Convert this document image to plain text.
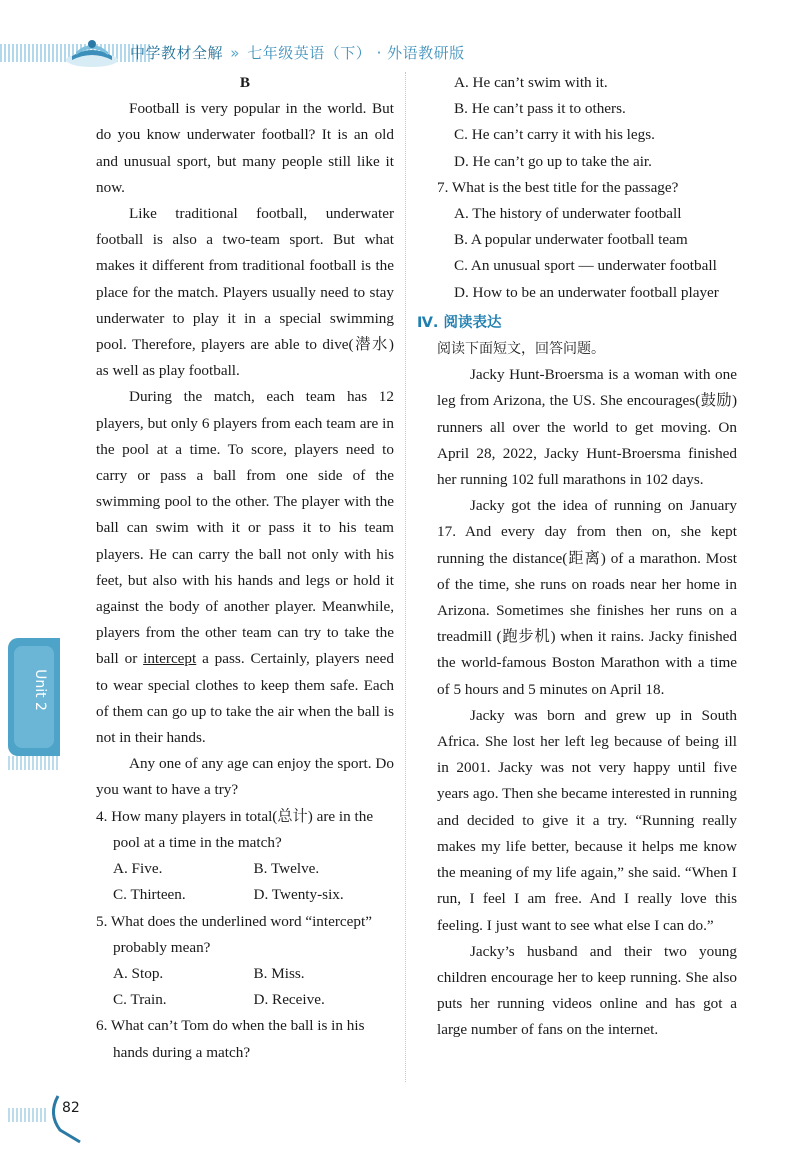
中学教材全解 » 七年级英语（下） · 外语教研版

B

Football is very popular in the world. But do you know underwater football? It is an old and unusual sport, but many people still like it now.

Like traditional football, underwater football is also a two-team sport. But what makes it different from traditional football is the place for the match. Players usually need to stay underwater to play it in a special swimming pool. Therefore, players are able to dive(潜水) as well as play football.

During the match, each team has 12 players, but only 6 players from each team are in the pool at a time. To score, players need to carry or pass a ball from one side of the swimming pool to the other. The player with the ball can swim with it or pass it to his team players. He can carry the ball not only with his feet, but also with his hands and legs or hold it against the body of another player. Meanwhile, players from the other team can try to take the ball or intercept a pass. Certainly, players need to wear special clothes to keep them safe. Each of them can go up to take the air when the ball is not in their hands.

Any one of any age can enjoy the sport. Do you want to have a try?

4. How many players in total(总计) are in the pool at a time in the match?

A. Five.	B. Twelve.
C. Thirteen.	D. Twenty-six.

5. What does the underlined word “intercept” probably mean?

A. Stop.	B. Miss.
C. Train.	D. Receive.

6. What can’t Tom do when the ball is in his hands during a match?

A. He can’t swim with it.

B. He can’t pass it to others.

C. He can’t carry it with his legs.

D. He can’t go up to take the air.

7. What is the best title for the passage?

A. The history of underwater football

B. A popular underwater football team

C. An unusual sport — underwater football

D. How to be an underwater football player

Ⅳ. 阅读表达

阅读下面短文，回答问题。

Jacky Hunt-Broersma is a woman with one leg from Arizona, the US. She encourages(鼓励) runners all over the world to get moving. On April 28, 2022, Jacky Hunt-Broersma finished her running 102 full marathons in 102 days.

Jacky got the idea of running on January 17. And every day from then on, she kept running the distance(距离) of a marathon. Most of the time, she runs on roads near her home in Arizona. Sometimes she finishes her runs on a treadmill (跑步机) when it rains. Jacky finished the world-famous Boston Marathon with a time of 5 hours and 5 minutes on April 18.

Jacky was born and grew up in South Africa. She lost her left leg because of being ill in 2001. Jacky was not very happy until five years ago. Then she became interested in running and decided to give it a try. “Running really makes my life better, because it helps me know the meaning of my life again,” she said. “When I run, I feel I am free. And I really love this feeling. I just want to see what else I can do.”

Jacky’s husband and their two young children encourage her to keep running. She also puts her running videos online and has got a large number of fans on the internet.

Unit 2
82
